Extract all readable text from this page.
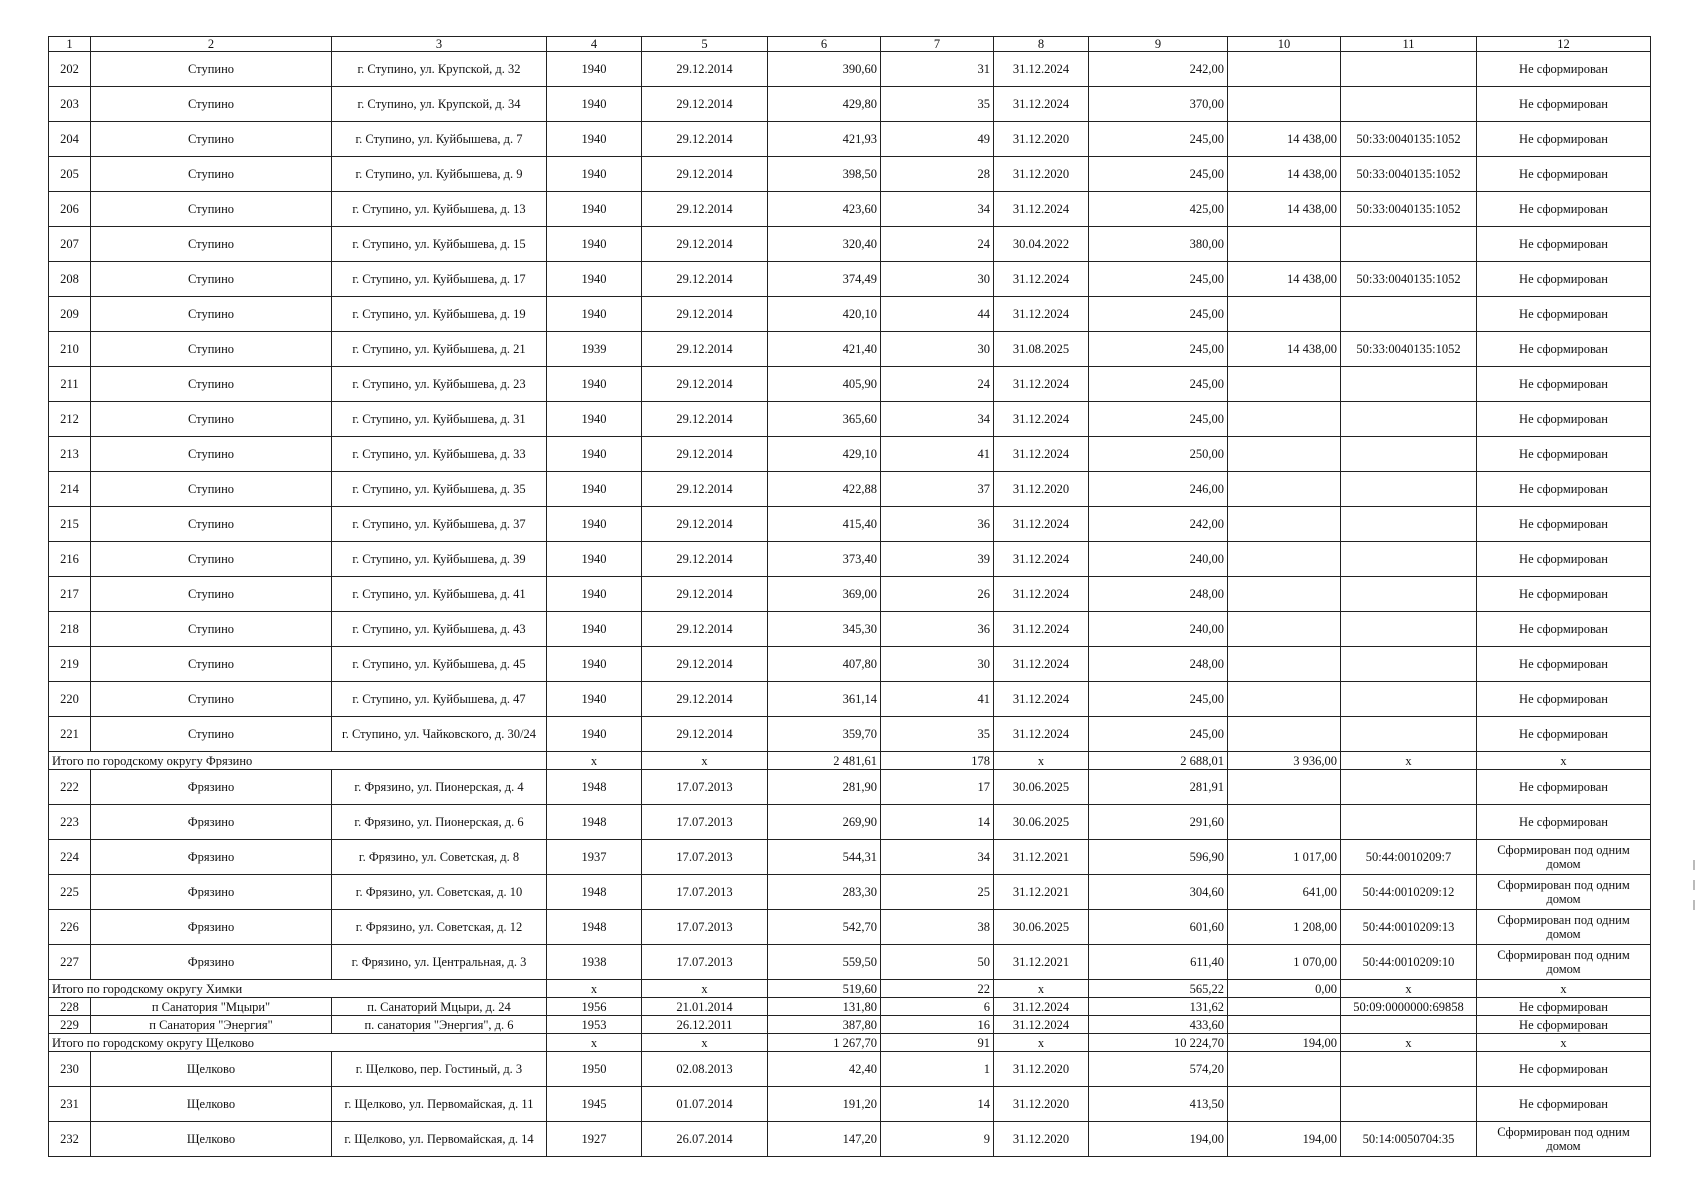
1	2	3	4	5	6	7	8	9	10	11	12
202	Ступино	г. Ступино, ул. Крупской, д. 32	1940	29.12.2014	390,60	31	31.12.2024	242,00			Не сформирован
203	Ступино	г. Ступино, ул. Крупской, д. 34	1940	29.12.2014	429,80	35	31.12.2024	370,00			Не сформирован
204	Ступино	г. Ступино, ул. Куйбышева, д. 7	1940	29.12.2014	421,93	49	31.12.2020	245,00	14 438,00	50:33:0040135:1052	Не сформирован
205	Ступино	г. Ступино, ул. Куйбышева, д. 9	1940	29.12.2014	398,50	28	31.12.2020	245,00	14 438,00	50:33:0040135:1052	Не сформирован
206	Ступино	г. Ступино, ул. Куйбышева, д. 13	1940	29.12.2014	423,60	34	31.12.2024	425,00	14 438,00	50:33:0040135:1052	Не сформирован
207	Ступино	г. Ступино, ул. Куйбышева, д. 15	1940	29.12.2014	320,40	24	30.04.2022	380,00			Не сформирован
208	Ступино	г. Ступино, ул. Куйбышева, д. 17	1940	29.12.2014	374,49	30	31.12.2024	245,00	14 438,00	50:33:0040135:1052	Не сформирован
209	Ступино	г. Ступино, ул. Куйбышева, д. 19	1940	29.12.2014	420,10	44	31.12.2024	245,00			Не сформирован
210	Ступино	г. Ступино, ул. Куйбышева, д. 21	1939	29.12.2014	421,40	30	31.08.2025	245,00	14 438,00	50:33:0040135:1052	Не сформирован
211	Ступино	г. Ступино, ул. Куйбышева, д. 23	1940	29.12.2014	405,90	24	31.12.2024	245,00			Не сформирован
212	Ступино	г. Ступино, ул. Куйбышева, д. 31	1940	29.12.2014	365,60	34	31.12.2024	245,00			Не сформирован
213	Ступино	г. Ступино, ул. Куйбышева, д. 33	1940	29.12.2014	429,10	41	31.12.2024	250,00			Не сформирован
214	Ступино	г. Ступино, ул. Куйбышева, д. 35	1940	29.12.2014	422,88	37	31.12.2020	246,00			Не сформирован
215	Ступино	г. Ступино, ул. Куйбышева, д. 37	1940	29.12.2014	415,40	36	31.12.2024	242,00			Не сформирован
216	Ступино	г. Ступино, ул. Куйбышева, д. 39	1940	29.12.2014	373,40	39	31.12.2024	240,00			Не сформирован
217	Ступино	г. Ступино, ул. Куйбышева, д. 41	1940	29.12.2014	369,00	26	31.12.2024	248,00			Не сформирован
218	Ступино	г. Ступино, ул. Куйбышева, д. 43	1940	29.12.2014	345,30	36	31.12.2024	240,00			Не сформирован
219	Ступино	г. Ступино, ул. Куйбышева, д. 45	1940	29.12.2014	407,80	30	31.12.2024	248,00			Не сформирован
220	Ступино	г. Ступино, ул. Куйбышева, д. 47	1940	29.12.2014	361,14	41	31.12.2024	245,00			Не сформирован
221	Ступино	г. Ступино, ул. Чайковского, д. 30/24	1940	29.12.2014	359,70	35	31.12.2024	245,00			Не сформирован
Итого по городскому округу Фрязино			x	x	2 481,61	178	x	2 688,01	3 936,00	x	x
222	Фрязино	г. Фрязино, ул. Пионерская, д. 4	1948	17.07.2013	281,90	17	30.06.2025	281,91			Не сформирован
223	Фрязино	г. Фрязино, ул. Пионерская, д. 6	1948	17.07.2013	269,90	14	30.06.2025	291,60			Не сформирован
224	Фрязино	г. Фрязино, ул. Советская, д. 8	1937	17.07.2013	544,31	34	31.12.2021	596,90	1 017,00	50:44:0010209:7	Сформирован под одним домом
225	Фрязино	г. Фрязино, ул. Советская, д. 10	1948	17.07.2013	283,30	25	31.12.2021	304,60	641,00	50:44:0010209:12	Сформирован под одним домом
226	Фрязино	г. Фрязино, ул. Советская, д. 12	1948	17.07.2013	542,70	38	30.06.2025	601,60	1 208,00	50:44:0010209:13	Сформирован под одним домом
227	Фрязино	г. Фрязино, ул. Центральная, д. 3	1938	17.07.2013	559,50	50	31.12.2021	611,40	1 070,00	50:44:0010209:10	Сформирован под одним домом
Итого по городскому округу Химки			x	x	519,60	22	x	565,22	0,00	x	x
228	п Санатория "Мцыри"	п. Санаторий Мцыри, д. 24	1956	21.01.2014	131,80	6	31.12.2024	131,62		50:09:0000000:69858	Не сформирован
229	п Санатория "Энергия"	п. санатория "Энергия", д. 6	1953	26.12.2011	387,80	16	31.12.2024	433,60			Не сформирован
Итого по городскому округу Щелково			x	x	1 267,70	91	x	10 224,70	194,00	x	x
230	Щелково	г. Щелково, пер. Гостиный, д. 3	1950	02.08.2013	42,40	1	31.12.2020	574,20			Не сформирован
231	Щелково	г. Щелково, ул. Первомайская, д. 11	1945	01.07.2014	191,20	14	31.12.2020	413,50			Не сформирован
232	Щелково	г. Щелково, ул. Первомайская, д. 14	1927	26.07.2014	147,20	9	31.12.2020	194,00	194,00	50:14:0050704:35	Сформирован под одним домом
